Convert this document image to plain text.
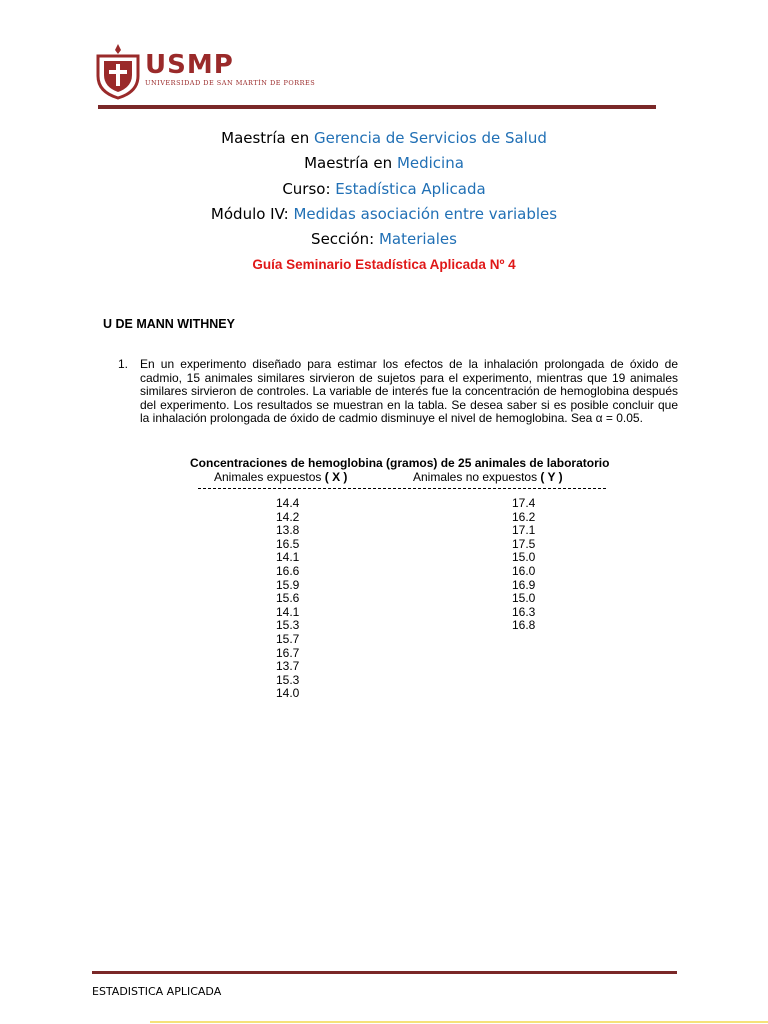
USMP
UNIVERSIDAD DE SAN MARTÍN DE PORRES
Maestría en Gerencia de Servicios de Salud
Maestría en Medicina
Curso: Estadística Aplicada
Módulo IV: Medidas asociación entre variables
Sección: Materiales
Guía Seminario Estadística Aplicada Nº 4
U DE MANN WITHNEY
1. En un experimento diseñado para estimar los efectos de la inhalación prolongada de óxido de cadmio, 15 animales similares sirvieron de sujetos para el experimento, mientras que 19 animales similares sirvieron de controles. La variable de interés fue la concentración de hemoglobina después del experimento. Los resultados se muestran en la tabla. Se desea saber si es posible concluir que la inhalación prolongada de óxido de cadmio disminuye el nivel de hemoglobina. Sea α = 0.05.
Concentraciones de hemoglobina (gramos) de 25 animales de laboratorio
Animales expuestos ( X )	Animales no expuestos ( Y )
14.4
14.2
13.8
16.5
14.1
16.6
15.9
15.6
14.1
15.3
15.7
16.7
13.7
15.3
14.0
17.4
16.2
17.1
17.5
15.0
16.0
16.9
15.0
16.3
16.8
ESTADISTICA APLICADA
